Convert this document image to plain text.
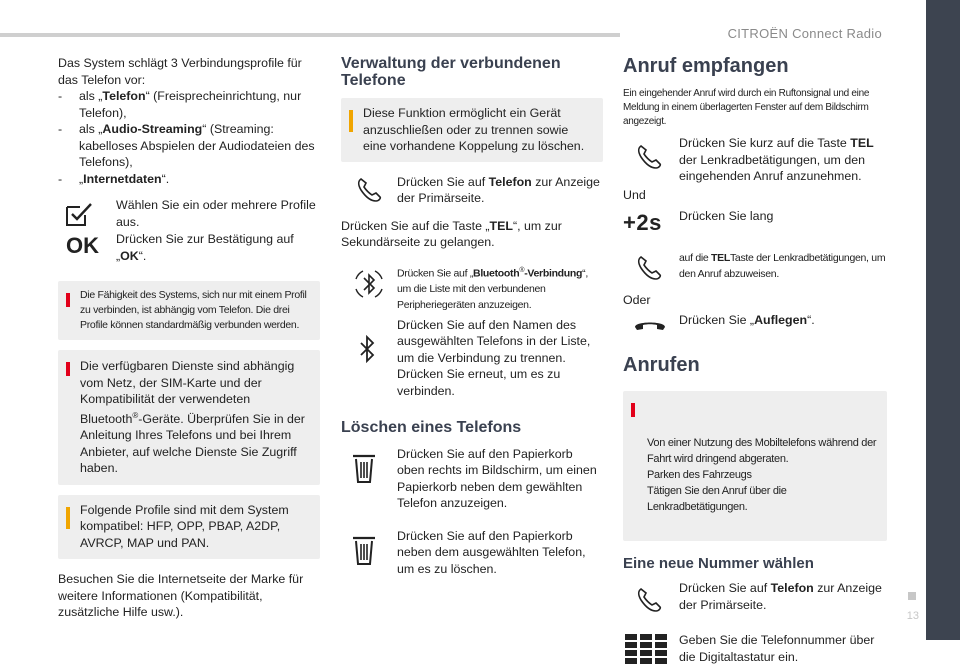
CITROËN Connect Radio
13

Das System schlägt 3 Verbindungsprofile für das Telefon vor:

-	als „Telefon“ (Freisprecheinrichtung, nur Telefon),
-	als „Audio-Streaming“ (Streaming: kabelloses Abspielen der Audiodateien des Telefons),
-	„Internetdaten“.
OK

Wählen Sie ein oder mehrere Profile aus.

Drücken Sie zur Bestätigung auf „OK“.

Die Fähigkeit des Systems, sich nur mit einem Profil zu verbinden, ist abhängig vom Telefon. Die drei Profile können standardmäßig verbunden werden.

Die verfügbaren Dienste sind abhängig vom Netz, der SIM-Karte und der Kompatibilität der verwendeten Bluetooth®-Geräte. Überprüfen Sie in der Anleitung Ihres Telefons und bei Ihrem Anbieter, auf welche Dienste Sie Zugriff haben.

Folgende Profile sind mit dem System kompatibel: HFP, OPP, PBAP, A2DP, AVRCP, MAP und PAN.

Besuchen Sie die Internetseite der Marke für weitere Informationen (Kompatibilität, zusätzliche Hilfe usw.).

Verwaltung der verbundenen Telefone

Diese Funktion ermöglicht ein Gerät anzuschließen oder zu trennen sowie eine vorhandene Koppelung zu löschen.

Drücken Sie auf Telefon zur Anzeige der Primärseite.

Drücken Sie auf die Taste „TEL“, um zur Sekundärseite zu gelangen.

Drücken Sie auf „Bluetooth®-Verbindung“, um die Liste mit den verbundenen Peripheriegeräten anzuzeigen.

Drücken Sie auf den Namen des ausgewählten Telefons in der Liste, um die Verbindung zu trennen. Drücken Sie erneut, um es zu verbinden.

Löschen eines Telefons

Drücken Sie auf den Papierkorb oben rechts im Bildschirm, um einen Papierkorb neben dem gewählten Telefon anzuzeigen.

Drücken Sie auf den Papierkorb neben dem ausgewählten Telefon, um es zu löschen.

Anruf empfangen

Ein eingehender Anruf wird durch ein Ruftonsignal und eine Meldung in einem überlagerten Fenster auf dem Bildschirm angezeigt.

Drücken Sie kurz auf die Taste TEL der Lenkradbetätigungen, um den eingehenden Anruf anzunehmen.

Und

+2s Drücken Sie lang

auf die TELTaste der Lenkradbetätigungen, um den Anruf abzuweisen.

Oder

Drücken Sie „Auflegen“.

Anrufen

Von einer Nutzung des Mobiltelefons während der Fahrt wird dringend abgeraten.
Parken des Fahrzeugs
Tätigen Sie den Anruf über die Lenkradbetätigungen.

Eine neue Nummer wählen

Drücken Sie auf Telefon zur Anzeige der Primärseite.

Geben Sie die Telefonnummer über die Digitaltastatur ein.
